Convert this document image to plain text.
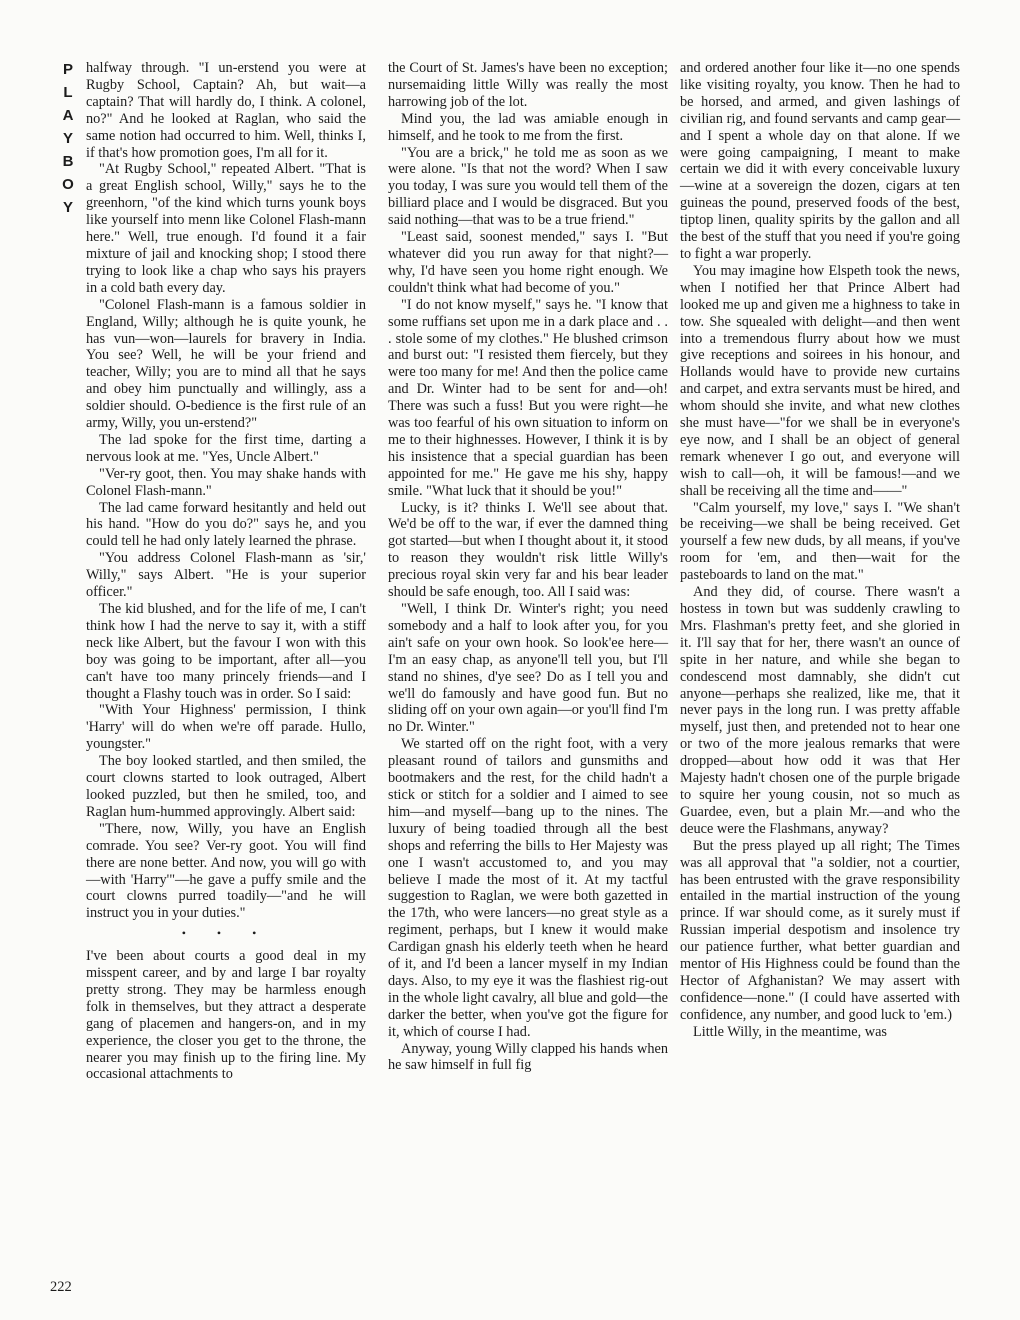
P
L
A
Y
B
O
Y
222

halfway through. "I un-erstend you were at Rugby School, Captain? Ah, but wait—a captain? That will hardly do, I think. A colonel, no?" And he looked at Raglan, who said the same notion had occurred to him. Well, thinks I, if that's how promotion goes, I'm all for it.

"At Rugby School," repeated Albert. "That is a great English school, Willy," says he to the greenhorn, "of the kind which turns younk boys like yourself into menn like Colonel Flash-mann here." Well, true enough. I'd found it a fair mixture of jail and knocking shop; I stood there trying to look like a chap who says his prayers in a cold bath every day.

"Colonel Flash-mann is a famous soldier in England, Willy; although he is quite younk, he has vun—won—laurels for bravery in India. You see? Well, he will be your friend and teacher, Willy; you are to mind all that he says and obey him punctually and willingly, ass a soldier should. O-bedience is the first rule of an army, Willy, you un-erstend?"

The lad spoke for the first time, darting a nervous look at me. "Yes, Uncle Albert."

"Ver-ry goot, then. You may shake hands with Colonel Flash-mann."

The lad came forward hesitantly and held out his hand. "How do you do?" says he, and you could tell he had only lately learned the phrase.

"You address Colonel Flash-mann as 'sir,' Willy," says Albert. "He is your superior officer."

The kid blushed, and for the life of me, I can't think how I had the nerve to say it, with a stiff neck like Albert, but the favour I won with this boy was going to be important, after all—you can't have too many princely friends—and I thought a Flashy touch was in order. So I said:

"With Your Highness' permission, I think 'Harry' will do when we're off parade. Hullo, youngster."

The boy looked startled, and then smiled, the court clowns started to look outraged, Albert looked puzzled, but then he smiled, too, and Raglan hum-hummed approvingly. Albert said:

"There, now, Willy, you have an English comrade. You see? Ver-ry goot. You will find there are none better. And now, you will go with—with 'Harry'"—he gave a puffy smile and the court clowns purred toadily—"and he will instruct you in your duties."

• • •

I've been about courts a good deal in my misspent career, and by and large I bar royalty pretty strong. They may be harmless enough folk in themselves, but they attract a desperate gang of placemen and hangers-on, and in my experience, the closer you get to the throne, the nearer you may finish up to the firing line. My occasional attachments to

the Court of St. James's have been no exception; nursemaiding little Willy was really the most harrowing job of the lot.

Mind you, the lad was amiable enough in himself, and he took to me from the first.

"You are a brick," he told me as soon as we were alone. "Is that not the word? When I saw you today, I was sure you would tell them of the billiard place and I would be disgraced. But you said nothing—that was to be a true friend."

"Least said, soonest mended," says I. "But whatever did you run away for that night?—why, I'd have seen you home right enough. We couldn't think what had become of you."

"I do not know myself," says he. "I know that some ruffians set upon me in a dark place and . . . stole some of my clothes." He blushed crimson and burst out: "I resisted them fiercely, but they were too many for me! And then the police came and Dr. Winter had to be sent for and—oh! There was such a fuss! But you were right—he was too fearful of his own situation to inform on me to their highnesses. However, I think it is by his insistence that a special guardian has been appointed for me." He gave me his shy, happy smile. "What luck that it should be you!"

Lucky, is it? thinks I. We'll see about that. We'd be off to the war, if ever the damned thing got started—but when I thought about it, it stood to reason they wouldn't risk little Willy's precious royal skin very far and his bear leader should be safe enough, too. All I said was:

"Well, I think Dr. Winter's right; you need somebody and a half to look after you, for you ain't safe on your own hook. So look'ee here—I'm an easy chap, as anyone'll tell you, but I'll stand no shines, d'ye see? Do as I tell you and we'll do famously and have good fun. But no sliding off on your own again—or you'll find I'm no Dr. Winter."

We started off on the right foot, with a very pleasant round of tailors and gunsmiths and bootmakers and the rest, for the child hadn't a stick or stitch for a soldier and I aimed to see him—and myself—bang up to the nines. The luxury of being toadied through all the best shops and referring the bills to Her Majesty was one I wasn't accustomed to, and you may believe I made the most of it. At my tactful suggestion to Raglan, we were both gazetted in the 17th, who were lancers—no great style as a regiment, perhaps, but I knew it would make Cardigan gnash his elderly teeth when he heard of it, and I'd been a lancer myself in my Indian days. Also, to my eye it was the flashiest rig-out in the whole light cavalry, all blue and gold—the darker the better, when you've got the figure for it, which of course I had.

Anyway, young Willy clapped his hands when he saw himself in full fig

and ordered another four like it—no one spends like visiting royalty, you know. Then he had to be horsed, and armed, and given lashings of civilian rig, and found servants and camp gear—and I spent a whole day on that alone. If we were going campaigning, I meant to make certain we did it with every conceivable luxury—wine at a sovereign the dozen, cigars at ten guineas the pound, preserved foods of the best, tiptop linen, quality spirits by the gallon and all the best of the stuff that you need if you're going to fight a war properly.

You may imagine how Elspeth took the news, when I notified her that Prince Albert had looked me up and given me a highness to take in tow. She squealed with delight—and then went into a tremendous flurry about how we must give receptions and soirees in his honour, and Hollands would have to provide new curtains and carpet, and extra servants must be hired, and whom should she invite, and what new clothes she must have—"for we shall be in everyone's eye now, and I shall be an object of general remark whenever I go out, and everyone will wish to call—oh, it will be famous!—and we shall be receiving all the time and——"

"Calm yourself, my love," says I. "We shan't be receiving—we shall be being received. Get yourself a few new duds, by all means, if you've room for 'em, and then—wait for the pasteboards to land on the mat."

And they did, of course. There wasn't a hostess in town but was suddenly crawling to Mrs. Flashman's pretty feet, and she gloried in it. I'll say that for her, there wasn't an ounce of spite in her nature, and while she began to condescend most damnably, she didn't cut anyone—perhaps she realized, like me, that it never pays in the long run. I was pretty affable myself, just then, and pretended not to hear one or two of the more jealous remarks that were dropped—about how odd it was that Her Majesty hadn't chosen one of the purple brigade to squire her young cousin, not so much as Guardee, even, but a plain Mr.—and who the deuce were the Flashmans, anyway?

But the press played up all right; The Times was all approval that "a soldier, not a courtier, has been entrusted with the grave responsibility entailed in the martial instruction of the young prince. If war should come, as it surely must if Russian imperial despotism and insolence try our patience further, what better guardian and mentor of His Highness could be found than the Hector of Afghanistan? We may assert with confidence—none." (I could have asserted with confidence, any number, and good luck to 'em.)

Little Willy, in the meantime, was
